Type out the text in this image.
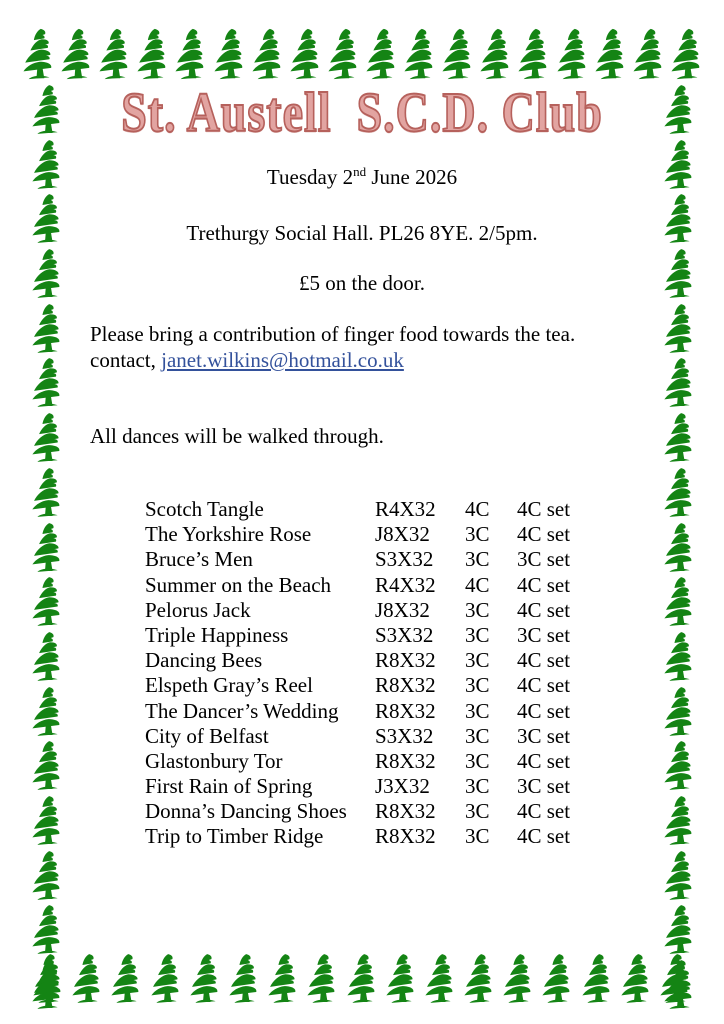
St. Austell  S.C.D. Club
Tuesday 2nd June 2026
Trethurgy Social Hall. PL26 8YE. 2/5pm.
£5 on the door.
Please bring a contribution of finger food towards the tea.
contact, janet.wilkins@hotmail.co.uk
All dances will be walked through.
Scotch Tangle	R4X32	4C	4C set
The Yorkshire Rose	J8X32	3C	4C set
Bruce’s Men	S3X32	3C	3C set
Summer on the Beach	R4X32	4C	4C set
Pelorus Jack	J8X32	3C	4C set
Triple Happiness	S3X32	3C	3C set
Dancing Bees	R8X32	3C	4C set
Elspeth Gray’s Reel	R8X32	3C	4C set
The Dancer’s Wedding	R8X32	3C	4C set
City of Belfast	S3X32	3C	3C set
Glastonbury Tor	R8X32	3C	4C set
First Rain of Spring	J3X32	3C	3C set
Donna’s Dancing Shoes	R8X32	3C	4C set
Trip to Timber Ridge	R8X32	3C	4C set
